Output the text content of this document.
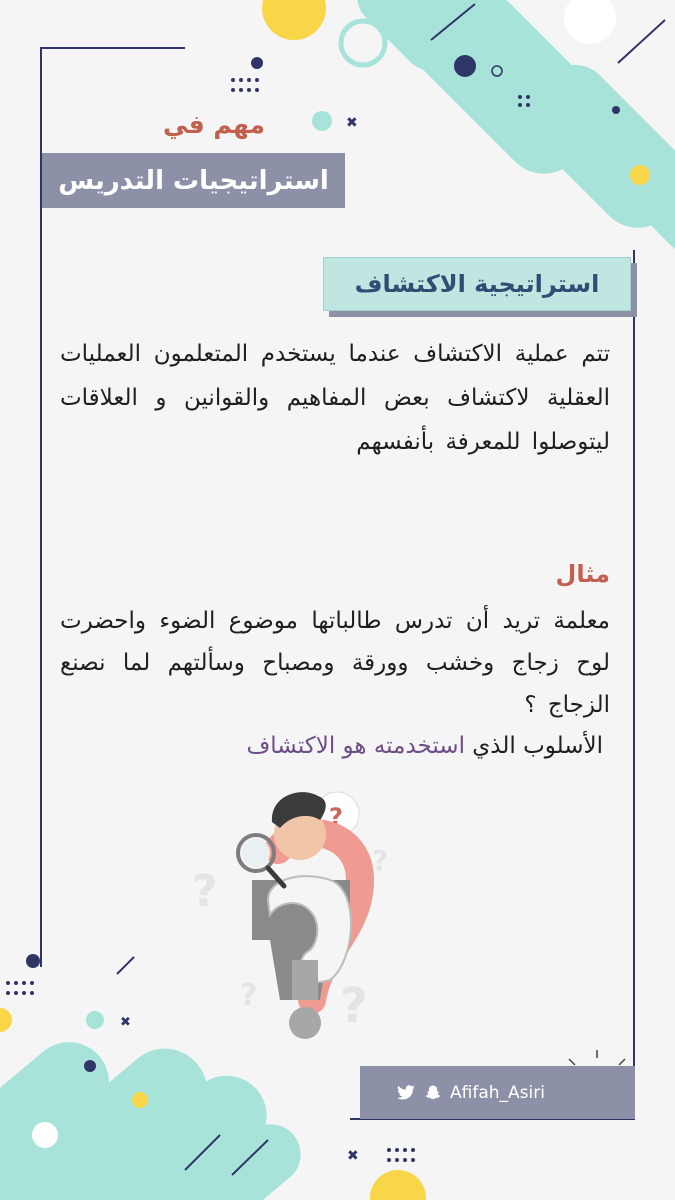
✖
✖
✖
?
?
?
?
?
مهم في
استراتيجيات التدريس
استراتيجية الاكتشاف
تتم عملية الاكتشاف عندما يستخدم المتعلمون العمليات العقلية لاكتشاف بعض المفاهيم والقوانين و العلاقات ليتوصلوا للمعرفة بأنفسهم
مثال
معلمة تريد أن تدرس طالباتها موضوع الضوء واحضرت لوح زجاج وخشب وورقة ومصباح وسألتهم لما نصنع الزجاج ؟
الأسلوب الذي استخدمته هو الاكتشاف
Afifah_Asiri
